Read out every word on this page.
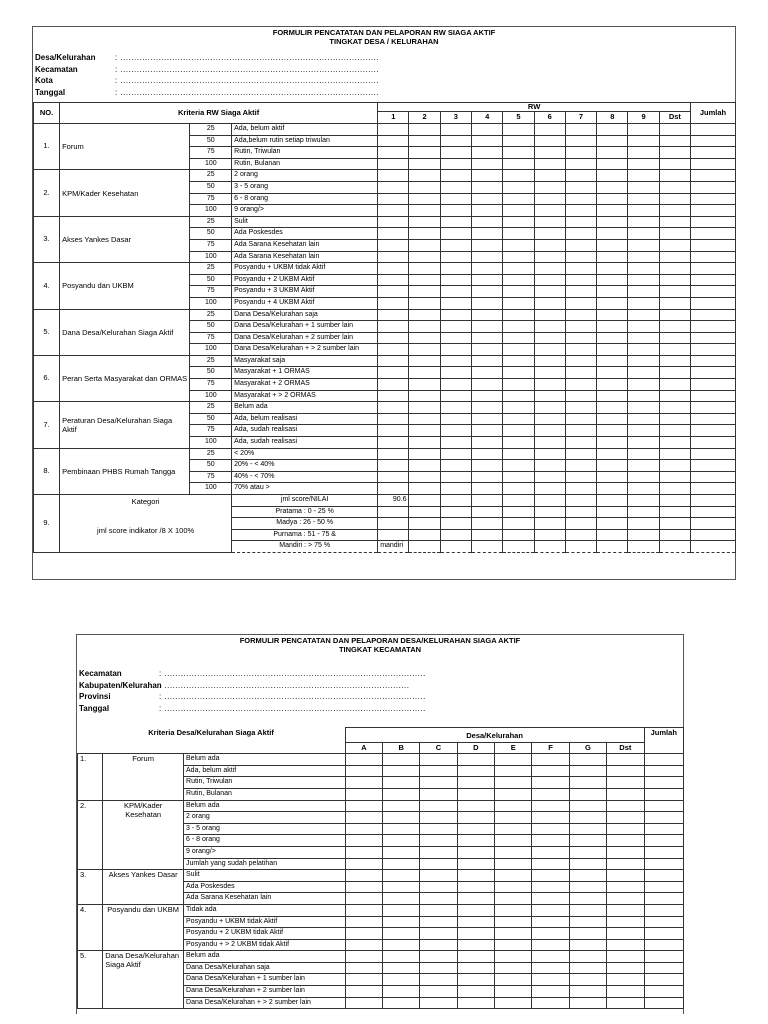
FORMULIR PENCATATAN DAN PELAPORAN RW SIAGA AKTIF
TINGKAT DESA / KELURAHAN
Desa/Kelurahan	: ...............................................................................................
Kecamatan	: ...............................................................................................
Kota	: ...............................................................................................
Tanggal	: ...............................................................................................
NO.	Kriteria RW Siaga Aktif			RW										Jumlah
				1	2	3	4	5	6	7	8	9	Dst	
1.	Forum	25	Ada, belum aktif											
		50	Ada,belum rutin setiap triwulan											
		75	Rutin, Triwulan											
		100	Rutin, Bulanan											
2.	KPM/Kader Kesehatan	25	2 orang											
		50	3 - 5 orang											
		75	6 - 8 orang											
		100	9 orang/>											
3.	Akses Yankes Dasar	25	Sulit											
		50	Ada Poskesdes											
		75	Ada Sarana Kesehatan lain											
		100	Ada Sarana Kesehatan lain											
4.	Posyandu dan UKBM	25	Posyandu + UKBM tidak Aktif											
		50	Posyandu + 2 UKBM Aktif											
		75	Posyandu + 3 UKBM Aktif											
		100	Posyandu + 4 UKBM Aktif											
5.	Dana Desa/Kelurahan Siaga Aktif	25	Dana Desa/Kelurahan saja											
		50	Dana Desa/Kelurahan + 1 sumber lain											
		75	Dana Desa/Kelurahan + 2 sumber lain											
		100	Dana Desa/Kelurahan + > 2 sumber lain											
6.	Peran Serta Masyarakat dan ORMAS	25	Masyarakat saja											
		50	Masyarakat + 1 ORMAS											
		75	Masyarakat + 2 ORMAS											
		100	Masyarakat + > 2 ORMAS											
7.	Peraturan Desa/Kelurahan Siaga Aktif	25	Belum ada											
		50	Ada, belum realisasi											
		75	Ada, sudah realisasi											
		100	Ada, sudah realisasi											
8.	Pembinaan PHBS Rumah Tangga	25	< 20%											
		50	20% - < 40%											
		75	40% - < 70%											
		100	70% atau >											
9.	Kategori
jml score indikator /8 X 100%		jml score/NILAI	90.6										
			Pratama : 0 - 25 %											
			Madya : 26 - 50 %											
			Purnama : 51 - 75 &											
			Mandiri : > 75 %	mandiri										
FORMULIR PENCATATAN DAN PELAPORAN DESA/KELURAHAN SIAGA AKTIF
TINGKAT KECAMATAN
Kecamatan	: ................................................................................................
Kabupaten/Kelurahan
: ..........................................................................................
Provinsi	: ................................................................................................
Tanggal	: ................................................................................................
Kriteria Desa/Kelurahan Siaga Aktif			Desa/Kelurahan								Jumlah
			A	B	C	D	E	F	G	Dst	
1.	Forum	Belum ada									
		Ada, belum aktif									
		Rutin, Triwulan									
		Rutin, Bulanan									
2.	KPM/Kader Kesehatan	Belum ada									
		2 orang									
		3 - 5 orang									
		6 - 8 orang									
		9 orang/>									
		Jumlah yang sudah pelatihan									
3.	Akses Yankes Dasar	Sulit									
		Ada Poskesdes									
		Ada Sarana Kesehatan lain									
4.	Posyandu dan UKBM	Tidak ada									
		Posyandu + UKBM tidak Aktif									
		Posyandu + 2 UKBM tidak Aktif									
		Posyandu + > 2 UKBM tidak Aktif									
5.	Dana Desa/Kelurahan Siaga Aktif	Belum ada									
		Dana Desa/Kelurahan saja									
		Dana Desa/Kelurahan + 1 sumber lain									
		Dana Desa/Kelurahan + 2 sumber lain									
		Dana Desa/Kelurahan + > 2 sumber lain									
